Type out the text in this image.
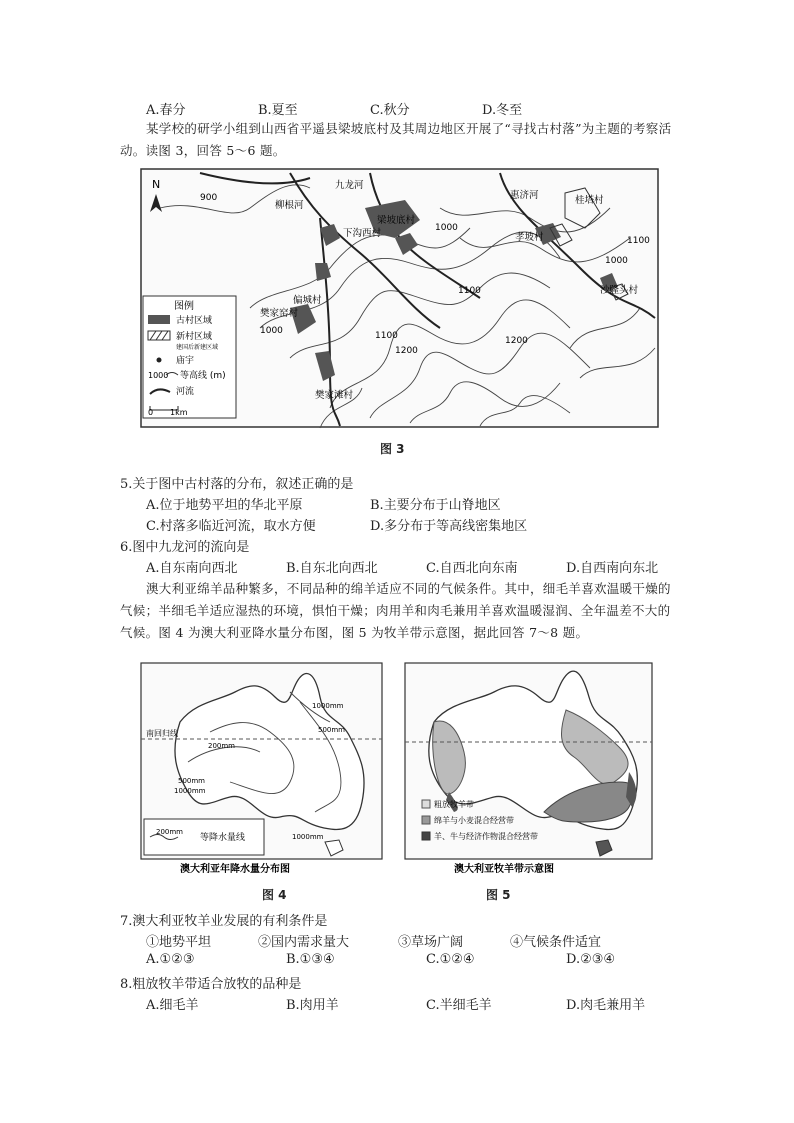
A.春分	B.夏至	C.秋分	D.冬至
某学校的研学小组到山西省平遥县梁坡底村及其周边地区开展了“寻找古村落”为主题的考察活动。读图 3，回答 5～6 题。
N
梁坡底村
下沟西村
偏城村
樊家窑村
樊家滩村
孝坡村
桂塔村
沙隆头村
九龙河
柳根河
惠济河
900
1000
1000
1100
1100
1200
1200
1100
1000
图例
古村区域
新村区域
建国后新建区域
庙宇
1000 等高线 (m)
河流
0 1km
图 3
5.关于图中古村落的分布，叙述正确的是
A.位于地势平坦的华北平原	B.主要分布于山脊地区
C.村落多临近河流，取水方便	D.多分布于等高线密集地区
6.图中九龙河的流向是
A.自东南向西北	B.自东北向西北	C.自西北向东南	D.自西南向东北
澳大利亚绵羊品种繁多，不同品种的绵羊适应不同的气候条件。其中，细毛羊喜欢温暖干燥的气候；半细毛羊适应湿热的环境，惧怕干燥；肉用羊和肉毛兼用羊喜欢温暖湿润、全年温差不大的气候。图 4 为澳大利亚降水量分布图，图 5 为牧羊带示意图，据此回答 7～8 题。
南回归线
1000mm
500mm
200mm
500mm
1000mm
1000mm
200mm
等降水量线
澳大利亚年降水量分布图
图 4
粗放牧羊带
绵羊与小麦混合经营带
羊、牛与经济作物混合经营带
澳大利亚牧羊带示意图
图 5
7.澳大利亚牧羊业发展的有利条件是
①地势平坦	②国内需求量大	③草场广阔	④气候条件适宜
A.①②③	B.①③④	C.①②④	D.②③④
8.粗放牧羊带适合放牧的品种是
A.细毛羊	B.肉用羊	C.半细毛羊	D.肉毛兼用羊
